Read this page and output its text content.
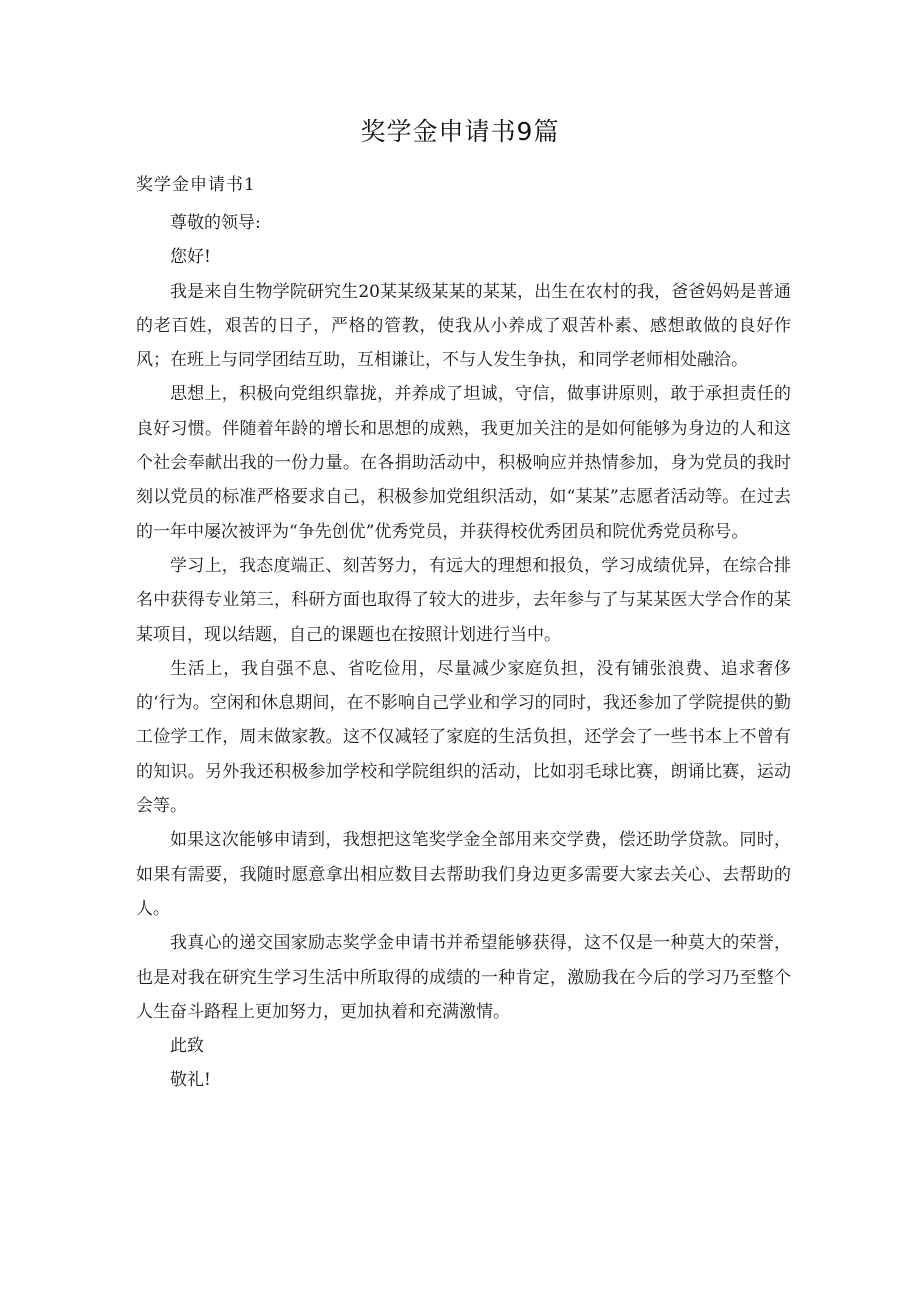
奖学金申请书9篇
奖学金申请书1

尊敬的领导:

您好!

我是来自生物学院研究生20某某级某某的某某，出生在农村的我，爸爸妈妈是普通的老百姓，艰苦的日子，严格的管教，使我从小养成了艰苦朴素、感想敢做的良好作风；在班上与同学团结互助，互相谦让，不与人发生争执，和同学老师相处融洽。

思想上，积极向党组织靠拢，并养成了坦诚，守信，做事讲原则，敢于承担责任的良好习惯。伴随着年龄的增长和思想的成熟，我更加关注的是如何能够为身边的人和这个社会奉献出我的一份力量。在各捐助活动中，积极响应并热情参加，身为党员的我时刻以党员的标准严格要求自己，积极参加党组织活动，如“某某”志愿者活动等。在过去的一年中屡次被评为“争先创优”优秀党员，并获得校优秀团员和院优秀党员称号。

学习上，我态度端正、刻苦努力，有远大的理想和报负，学习成绩优异，在综合排名中获得专业第三，科研方面也取得了较大的进步，去年参与了与某某医大学合作的某某项目，现以结题，自己的课题也在按照计划进行当中。

生活上，我自强不息、省吃俭用，尽量减少家庭负担，没有铺张浪费、追求奢侈的‘行为。空闲和休息期间，在不影响自己学业和学习的同时，我还参加了学院提供的勤工俭学工作，周末做家教。这不仅减轻了家庭的生活负担，还学会了一些书本上不曾有的知识。另外我还积极参加学校和学院组织的活动，比如羽毛球比赛，朗诵比赛，运动会等。

如果这次能够申请到，我想把这笔奖学金全部用来交学费，偿还助学贷款。同时，如果有需要，我随时愿意拿出相应数目去帮助我们身边更多需要大家去关心、去帮助的人。

我真心的递交国家励志奖学金申请书并希望能够获得，这不仅是一种莫大的荣誉，也是对我在研究生学习生活中所取得的成绩的一种肯定，激励我在今后的学习乃至整个人生奋斗路程上更加努力，更加执着和充满激情。

此致

敬礼!
